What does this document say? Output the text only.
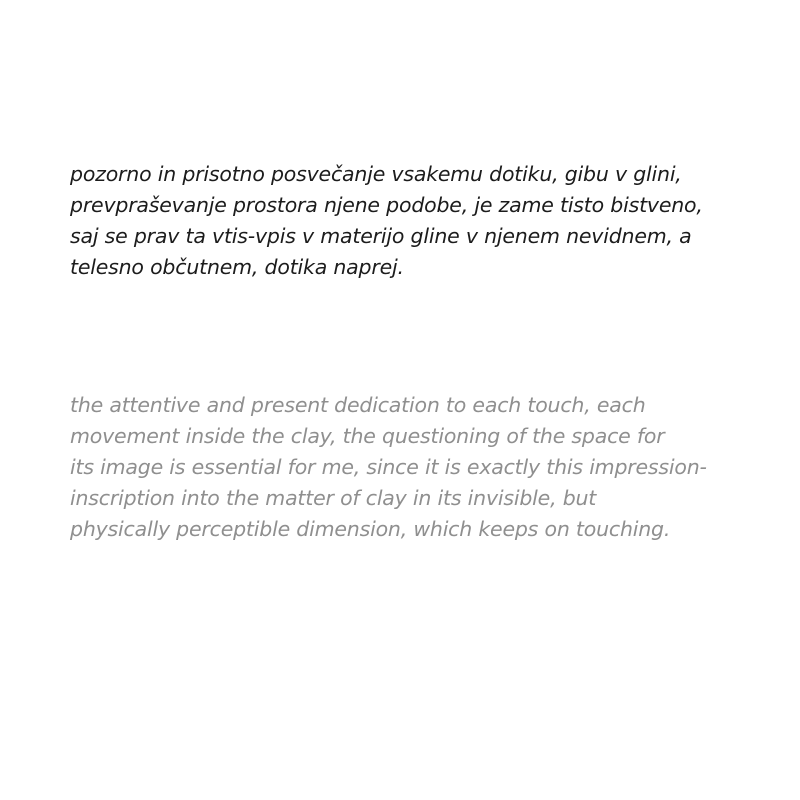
pozorno in prisotno posvečanje vsakemu dotiku, gibu v glini,
prevpraševanje prostora njene podobe, je zame tisto bistveno,
saj se prav ta vtis-vpis v materijo gline v njenem nevidnem, a
telesno občutnem, dotika naprej.

the attentive and present dedication to each touch, each
movement inside the clay, the questioning of the space for
its image is essential for me, since it is exactly this impression-
inscription into the matter of clay in its invisible, but
physically perceptible dimension, which keeps on touching.
